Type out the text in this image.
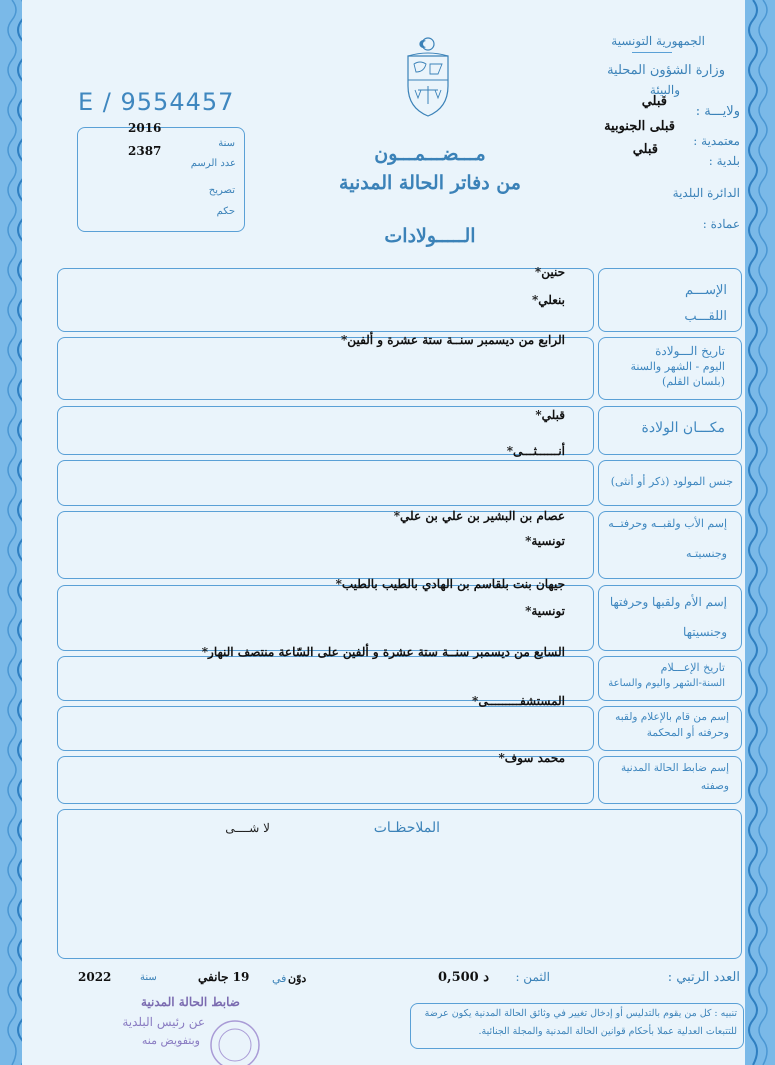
الجمهورية التونسية
وزارة الشؤون المحلية
والبيئة
ولايـــة :
قبلي
معتمدية :
قبلى الجنوبية
بلدية :
قبلي
الدائرة البلدية
عمادة :
E / 9554457
2016
سنة
2387
عدد الرسم
تصريح
حكم
مـــضـــمـــون
من دفاتر الحالة المدنية
الـــــولادات
الإســـم
اللقـــب
حنين*
بنعلي*
تاريخ الـــولادة
اليوم - الشهر والسنة
(بلسان القلم)
الرابع من ديسمبر سنــة ستة عشرة و ألفين*
مكـــان الولادة
قبلي*
جنس المولود (ذكر أو أنثى)
أنــــــثـــى*
إسم الأب ولقبــه وحرفتــه
وجنسيتـه
عصام بن البشير بن علي بن علي*
تونسية*
إسم الأم ولقبها وحرفتها
وجنسيتها
جيهان بنت بلقاسم بن الهادي بالطيب بالطيب*
تونسية*
تاريخ الإعـــلام
السنة-الشهر واليوم والساعة
السابع من ديسمبر سنــة ستة عشرة و ألفين على السّاعة منتصف النهار*
إسم من قام بالإعلام ولقبه
وحرفته أو المحكمة
المستشفـــــــــى*
إسم ضابط الحالة المدنية
وصفته
محمد سوف*
الملاحظـات
لا شــــى
العدد الرتبي :
الثمن :
0,500 د
2022	سنة	19 جانفي في دوّن
ضابط الحالة المدنية
عن رئيس البلدية
وبتفويض منه
تنبيه : كل من يقوم بالتدليس أو إدخال تغيير في وثائق الحالة المدنية يكون عرضة
للتتبعات العدلية عملا بأحكام قوانين الحالة المدنية والمجلة الجنائية.
